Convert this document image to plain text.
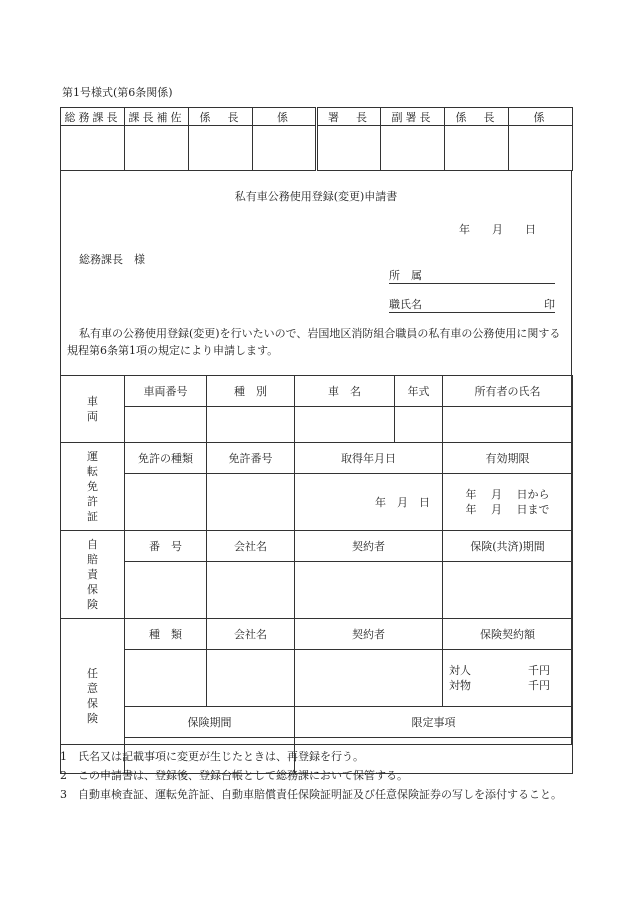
第1号様式(第6条関係)
総務課長	課長補佐	係　長	係	署　長	副署長	係　長	係

私有車公務使用登録(変更)申請書
年　　月　　日
総務課長　様
所　属
職氏名	印
私有車の公務使用登録(変更)を行いたいので、岩国地区消防組合職員の私有車の公務使用に関する規程第6条第1項の規定により申請します。
車両	車両番号	種　別	車　名	年式	所有者の氏名

運転免許証	免許の種類	免許番号	取得年月日		有効期限
			年　月　日		年　 月　 日から
年　 月　 日まで

自賠責保険	番　号	会社名	契約者		保険(共済)期間

任意保険	種　類	会社名	契約者		保険契約額

					対人 千円
対物 千円

	保険期間		限定事項		

1　氏名又は記載事項に変更が生じたときは、再登録を行う。
2　この申請書は、登録後、登録台帳として総務課において保管する。
3　自動車検査証、運転免許証、自動車賠償責任保険証明証及び任意保険証券の写しを添付すること。
